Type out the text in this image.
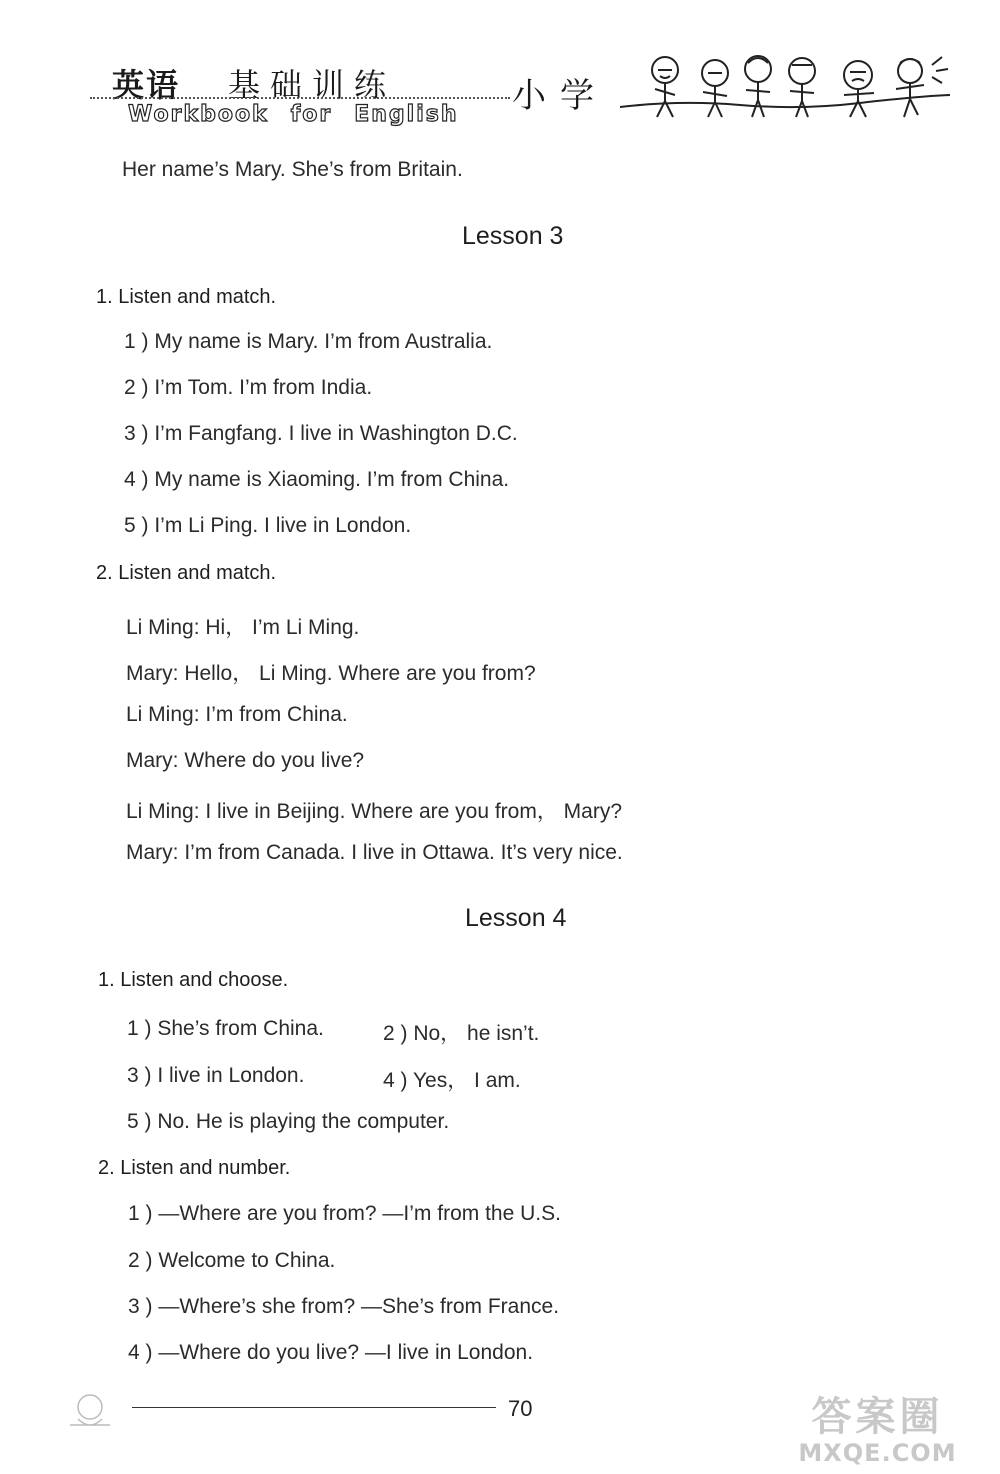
英语 基础训练
Workbook for English	小学
Her name’s Mary. She’s from Britain.
Lesson 3
1. Listen and match.
1 ) My name is Mary. I’m from Australia.
2 ) I’m Tom. I’m from India.
3 ) I’m Fangfang. I live in Washington D.C.
4 ) My name is Xiaoming. I’m from China.
5 ) I’m Li Ping. I live in London.
2. Listen and match.
Li Ming: Hi， I’m Li Ming.
Mary: Hello， Li Ming. Where are you from?
Li Ming: I’m from China.
Mary: Where do you live?
Li Ming: I live in Beijing. Where are you from， Mary?
Mary: I’m from Canada. I live in Ottawa. It’s very nice.
Lesson 4
1. Listen and choose.
1 ) She’s from China.	2 ) No， he isn’t.
3 ) I live in London.	4 ) Yes， I am.
5 ) No. He is playing the computer.
2. Listen and number.
1 ) —Where are you from? —I’m from the U.S.
2 ) Welcome to China.
3 ) —Where’s she from? —She’s from France.
4 ) —Where do you live? —I live in London.
70	答案圈
MXQE.COM
